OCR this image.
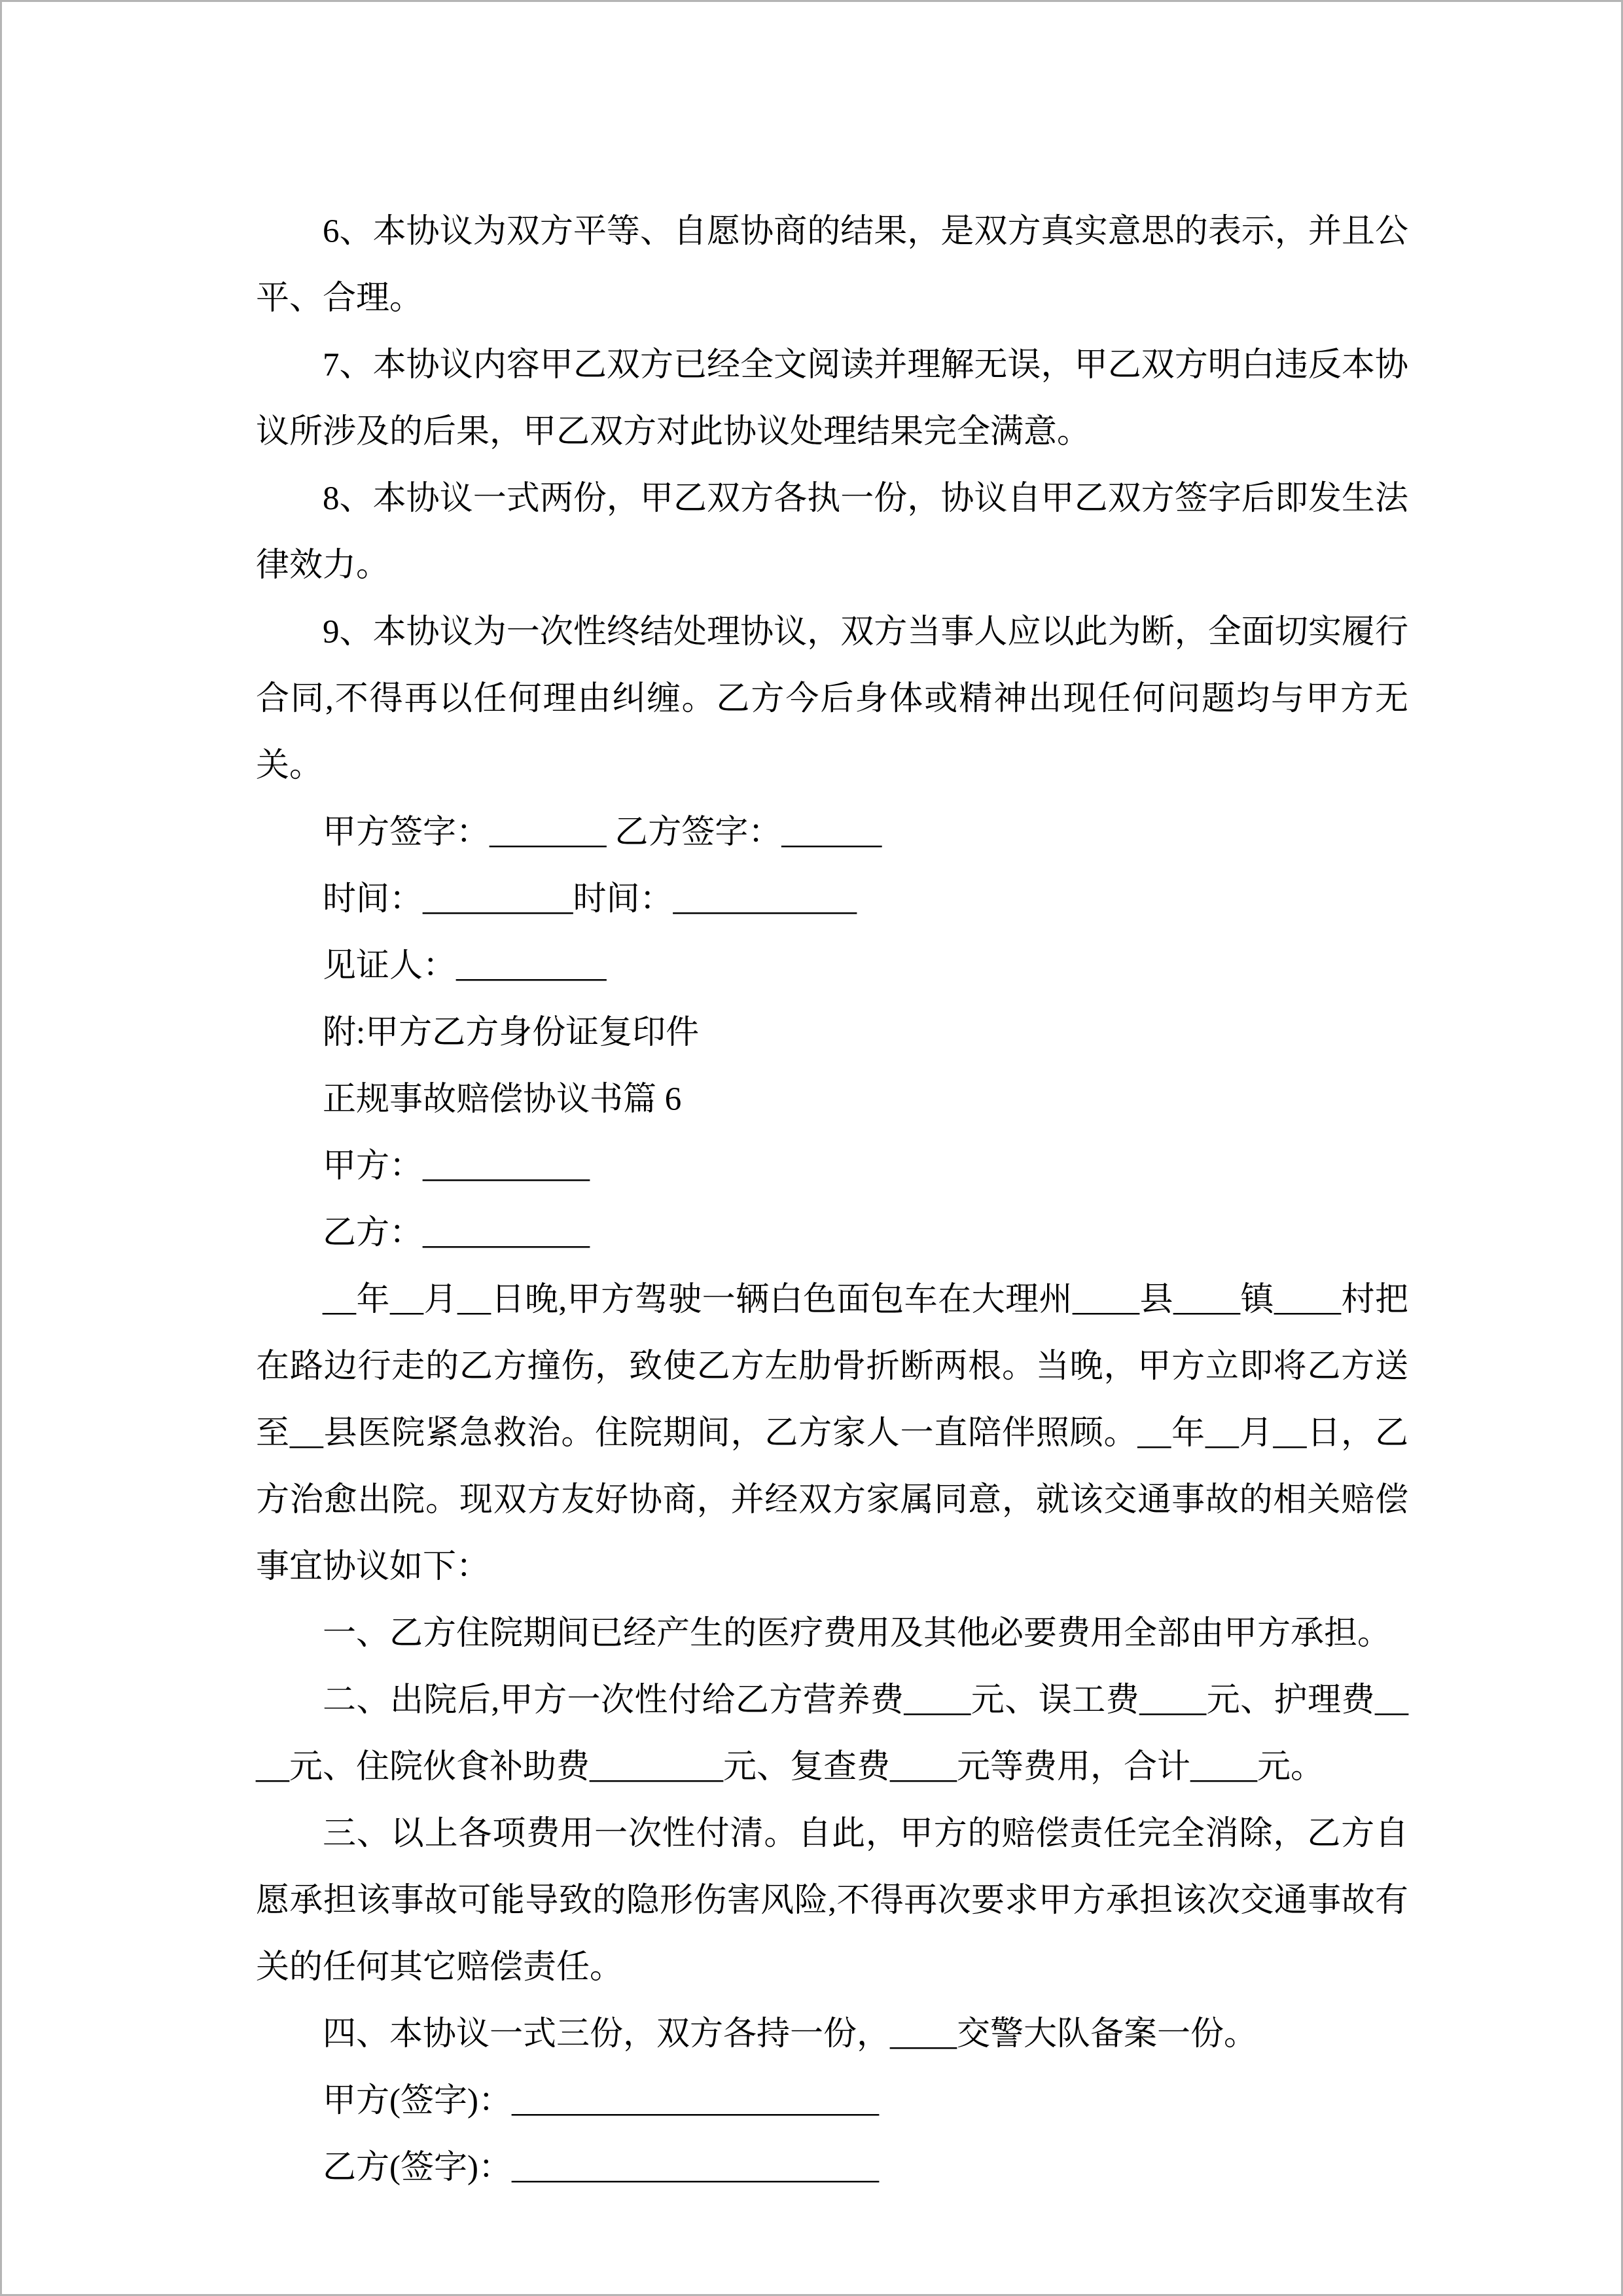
6、本协议为双方平等、自愿协商的结果，是双方真实意思的表示，并且公平、合理。

7、本协议内容甲乙双方已经全文阅读并理解无误，甲乙双方明白违反本协议所涉及的后果，甲乙双方对此协议处理结果完全满意。

8、本协议一式两份，甲乙双方各执一份，协议自甲乙双方签字后即发生法律效力。

9、本协议为一次性终结处理协议，双方当事人应以此为断，全面切实履行合同,不得再以任何理由纠缠。乙方今后身体或精神出现任何问题均与甲方无关。

甲方签字：_______ 乙方签字：______

时间：_________时间：___________

见证人：_________

附:甲方乙方身份证复印件

正规事故赔偿协议书篇 6

甲方：__________

乙方：__________

__年__月__日晚,甲方驾驶一辆白色面包车在大理州____县____镇____村把在路边行走的乙方撞伤，致使乙方左肋骨折断两根。当晚，甲方立即将乙方送至__县医院紧急救治。住院期间，乙方家人一直陪伴照顾。__年__月__日，乙方治愈出院。现双方友好协商，并经双方家属同意，就该交通事故的相关赔偿事宜协议如下：

一、乙方住院期间已经产生的医疗费用及其他必要费用全部由甲方承担。

二、出院后,甲方一次性付给乙方营养费____元、误工费____元、护理费____元、住院伙食补助费________元、复查费____元等费用，合计____元。

三、以上各项费用一次性付清。自此，甲方的赔偿责任完全消除，乙方自愿承担该事故可能导致的隐形伤害风险,不得再次要求甲方承担该次交通事故有关的任何其它赔偿责任。

四、本协议一式三份，双方各持一份，____交警大队备案一份。

甲方(签字)：______________________

乙方(签字)：______________________
